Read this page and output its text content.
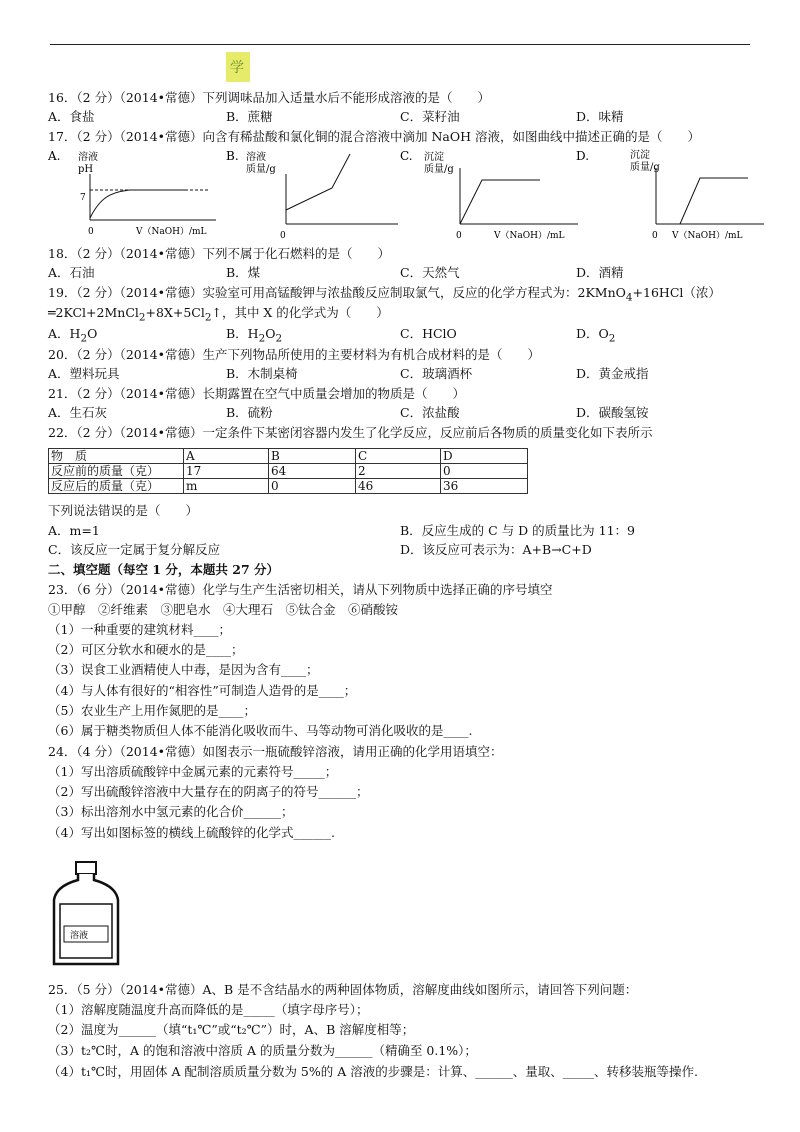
学
16．（2 分）（2014•常德）下列调味品加入适量水后不能形成溶液的是（　　）
A．食盐	B．蔗糖	C．菜籽油	D．味精
17．（2 分）（2014•常德）向含有稀盐酸和氯化铜的混合溶液中滴加 NaOH 溶液，如图曲线中描述正确的是（　　）
A. 溶液
pH
7
0	V（NaOH）/mL
B. 溶液
质量/g
0
C. 沉淀
质量/g
0	V（NaOH）/mL
D.	沉淀
质量/g
0 V（NaOH）/mL
18．（2 分）（2014•常德）下列不属于化石燃料的是（　　）
A．石油	B．煤	C．天然气	D．酒精
19．（2 分）（2014•常德）实验室可用高锰酸钾与浓盐酸反应制取氯气，反应的化学方程式为：2KMnO$_4$+16HCl（浓）
$═2KCl+2MnCl_2+8X+5Cl_2↑$，其中 X 的化学式为（　　）
A．$H_2O$	B．$H_2O_2$	C．HClO	D．$O_2$
20．（2 分）（2014•常德）生产下列物品所使用的主要材料为有机合成材料的是（　　）
A．塑料玩具	B．木制桌椅	C．玻璃酒杯	D．黄金戒指
21．（2 分）（2014•常德）长期露置在空气中质量会增加的物质是（　　）
A．生石灰	B．硫粉	C．浓盐酸	D．碳酸氢铵
22．（2 分）（2014•常德）一定条件下某密闭容器内发生了化学反应，反应前后各物质的质量变化如下表所示
物　质	A	B	C	D
反应前的质量（克）	17	64	2	0
反应后的质量（克）	m	0	46	36
下列说法错误的是（　　）
A．m=1	B．反应生成的 C 与 D 的质量比为 11：9
C．该反应一定属于复分解反应	D．该反应可表示为：A+B→C+D
二、填空题（每空 1 分，本题共 27 分）
23．（6 分）（2014•常德）化学与生产生活密切相关，请从下列物质中选择正确的序号填空
①甲醇　②纤维素　③肥皂水　④大理石　⑤钛合金　⑥硝酸铵
（1）一种重要的建筑材料____；
（2）可区分软水和硬水的是____；
（3）误食工业酒精使人中毒，是因为含有____；
（4）与人体有很好的“相容性”可制造人造骨的是____；
（5）农业生产上用作氮肥的是____；
（6）属于糖类物质但人体不能消化吸收而牛、马等动物可消化吸收的是____.
24．（4 分）（2014•常德）如图表示一瓶硫酸锌溶液，请用正确的化学用语填空：
（1）写出溶质硫酸锌中金属元素的元素符号_____；
（2）写出硫酸锌溶液中大量存在的阴离子的符号______；
（3）标出溶剂水中氢元素的化合价______；
（4）写出如图标签的横线上硫酸锌的化学式______.
溶液
25．（5 分）（2014•常德）A、B 是不含结晶水的两种固体物质，溶解度曲线如图所示，请回答下列问题：
（1）溶解度随温度升高而降低的是_____（填字母序号）；
（2）温度为______（填“t₁℃”或“t₂℃”）时，A、B 溶解度相等；
（3）t₂℃时，A 的饱和溶液中溶质 A 的质量分数为______（精确至 0.1%）；
（4）t₁℃时，用固体 A 配制溶质质量分数为 5%的 A 溶液的步骤是：计算、______、量取、_____、转移装瓶等操作.
